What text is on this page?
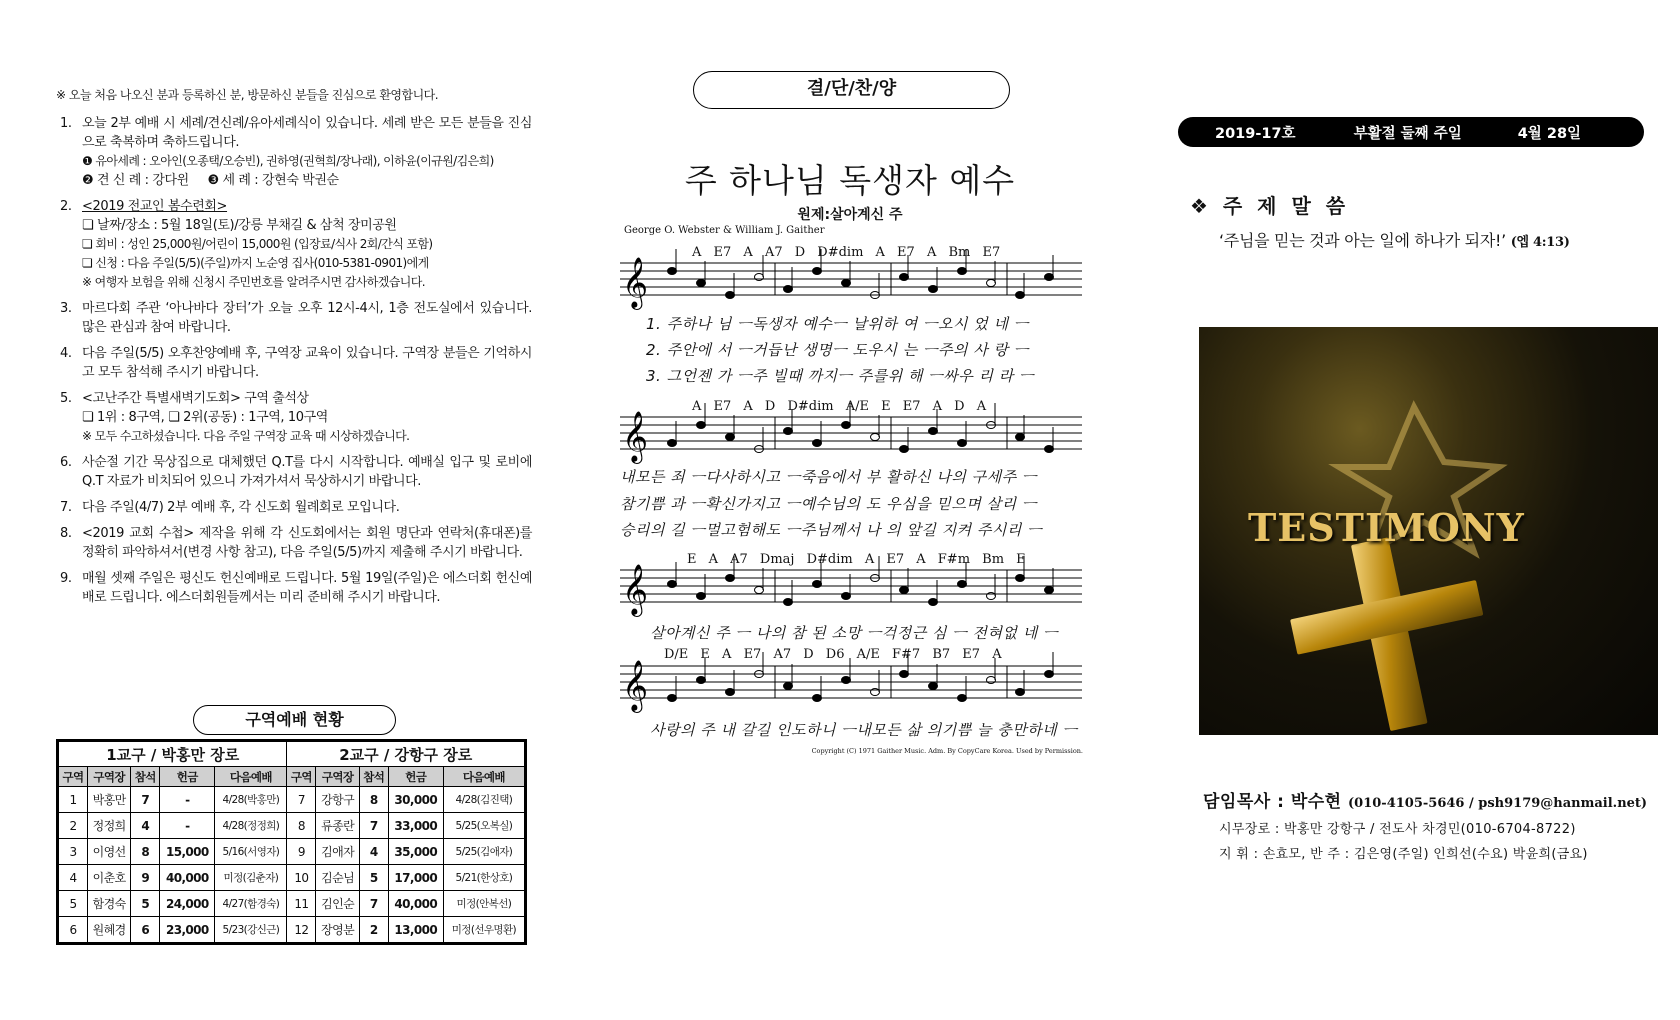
※ 오늘 처음 나오신 분과 등록하신 분, 방문하신 분들을 진심으로 환영합니다.
1. 오늘 2부 예배 시 세례/견신례/유아세례식이 있습니다. 세례 받은 모든 분들을 진심으로 축복하며 축하드립니다.
❶ 유아세례 : 오아인(오종택/오승빈), 권하영(권혁희/장나래), 이하윤(이규원/김은희)
❷ 견 신 례 : 강다윈 ❸ 세 례 : 강현숙 박권순
2. <2019 전교인 봄수련회>
❏ 날짜/장소 : 5월 18일(토)/강릉 부채길 & 삼척 장미공원
❏ 회비 : 성인 25,000원/어린이 15,000원 (입장료/식사 2회/간식 포함)
❏ 신청 : 다음 주일(5/5)(주일)까지 노순영 집사(010-5381-0901)에게
※ 여행자 보험을 위해 신청시 주민번호를 알려주시면 감사하겠습니다.
3. 마르다회 주관 ‘아나바다 장터’가 오늘 오후 12시-4시, 1층 전도실에서 있습니다. 많은 관심과 참여 바랍니다.
4. 다음 주일(5/5) 오후찬양예배 후, 구역장 교육이 있습니다. 구역장 분들은 기억하시고 모두 참석해 주시기 바랍니다.
5. <고난주간 특별새벽기도회> 구역 출석상
❏ 1위 : 8구역, ❏ 2위(공동) : 1구역, 10구역
※ 모두 수고하셨습니다. 다음 주일 구역장 교육 때 시상하겠습니다.
6. 사순절 기간 묵상집으로 대체했던 Q.T를 다시 시작합니다. 예배실 입구 및 로비에 Q.T 자료가 비치되어 있으니 가져가셔서 묵상하시기 바랍니다.
7. 다음 주일(4/7) 2부 예배 후, 각 신도회 월례회로 모입니다.
8. <2019 교회 수첩> 제작을 위해 각 신도회에서는 회원 명단과 연락처(휴대폰)를 정확히 파악하셔서(변경 사항 참고), 다음 주일(5/5)까지 제출해 주시기 바랍니다.
9. 매월 셋째 주일은 평신도 헌신예배로 드립니다. 5월 19일(주일)은 에스더회 헌신예배로 드립니다. 에스더회원들께서는 미리 준비해 주시기 바랍니다.
구역예배 현황
1교구 / 박홍만 장로					2교구 / 강항구 장로				
구역	구역장	참석	헌금	다음예배	구역	구역장	참석	헌금	다음예배
1	박홍만	7	-	4/28(박홍만)	7	강항구	8	30,000	4/28(김진택)
2	정정희	4	-	4/28(정정희)	8	류종란	7	33,000	5/25(오복실)
3	이영선	8	15,000	5/16(서영자)	9	김애자	4	35,000	5/25(김애자)
4	이춘호	9	40,000	미정(김춘자)	10	김순님	5	17,000	5/21(한상호)
5	함경숙	5	24,000	4/27(함경숙)	11	김인순	7	40,000	미정(안복선)
6	원혜경	6	23,000	5/23(강신근)	12	장영분	2	13,000	미정(선우명환)
결/단/찬/양
주 하나님 독생자 예수
원제:살아계신 주
George O. Webster & William J. Gaither
𝄞
𝄞
𝄞
𝄞
A E7 A A7 D D#dim A E7 A Bm E7
1. 주하나 님 ㅡ독생자 예수ㅡ 날위하 여 ㅡ오시 었 네 ㅡ
2. 주안에 서 ㅡ거듭난 생명ㅡ 도우시 는 ㅡ주의 사 랑 ㅡ
3. 그언젠 가 ㅡ주 빌때 까지ㅡ 주를위 해 ㅡ싸우 리 라 ㅡ
A E7 A D D#dim A/E E E7 A D A
내모든 죄 ㅡ다사하시고 ㅡ죽음에서 부 활하신 나의 구세주 ㅡ
참기쁨 과 ㅡ확신가지고 ㅡ예수님의 도 우심을 믿으며 살리 ㅡ
승리의 길 ㅡ멀고험해도 ㅡ주님께서 나 의 앞길 지켜 주시리 ㅡ
E A A7 Dmaj D#dim A E7 A F#m Bm E
살아계신 주 ㅡ 나의 참 된 소망 ㅡ걱정근 심 ㅡ 전혀없 네 ㅡ
D/E E A E7 A7 D D6 A/E F#7 B7 E7 A
사랑의 주 내 갈길 인도하니 ㅡ내모든 삶 의기쁨 늘 충만하네 ㅡ
Copyright (C) 1971 Gaither Music. Adm. By CopyCare Korea. Used by Permission.
2019-17호	부활절 둘째 주일	4월 28일
❖ 주 제 말 씀
‘주님을 믿는 것과 아는 일에 하나가 되자!’ (엡 4:13)
TESTIMONY
담임목사 : 박수현 (010-4105-5646 / psh9179@hanmail.net)
시무장로 : 박홍만 강항구 / 전도사 차경민(010-6704-8722)
지 휘 : 손효모, 반 주 : 김은영(주일) 인희선(수요) 박윤희(금요)
